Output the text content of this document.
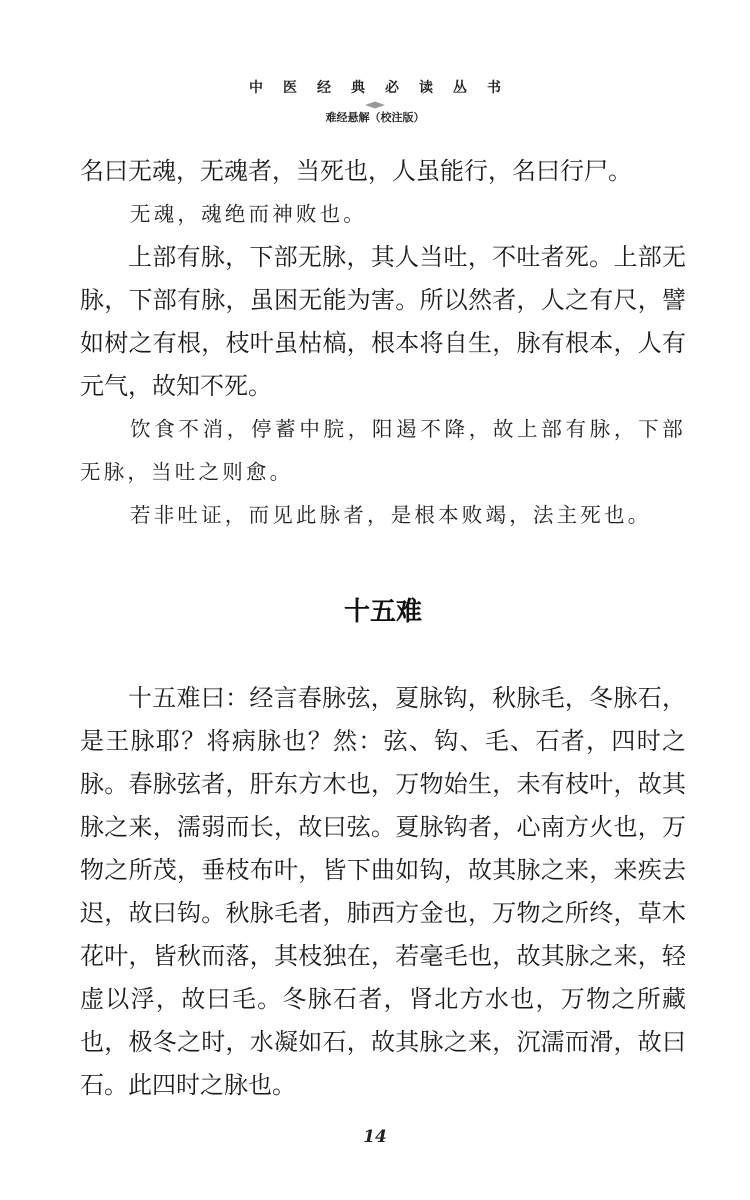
中医经典必读丛书
难经悬解（校注版）

名曰无魂，无魂者，当死也，人虽能行，名曰行尸。

无魂，魂绝而神败也。

上部有脉，下部无脉，其人当吐，不吐者死。上部无脉，下部有脉，虽困无能为害。所以然者，人之有尺，譬如树之有根，枝叶虽枯槁，根本将自生，脉有根本，人有元气，故知不死。

饮食不消，停蓄中脘，阳遏不降，故上部有脉，下部无脉，当吐之则愈。

若非吐证，而见此脉者，是根本败竭，法主死也。

十五难

十五难曰：经言春脉弦，夏脉钩，秋脉毛，冬脉石，是王脉耶？将病脉也？然：弦、钩、毛、石者，四时之脉。春脉弦者，肝东方木也，万物始生，未有枝叶，故其脉之来，濡弱而长，故曰弦。夏脉钩者，心南方火也，万物之所茂，垂枝布叶，皆下曲如钩，故其脉之来，来疾去迟，故曰钩。秋脉毛者，肺西方金也，万物之所终，草木花叶，皆秋而落，其枝独在，若毫毛也，故其脉之来，轻虚以浮，故曰毛。冬脉石者，肾北方水也，万物之所藏也，极冬之时，水凝如石，故其脉之来，沉濡而滑，故曰石。此四时之脉也。

14
